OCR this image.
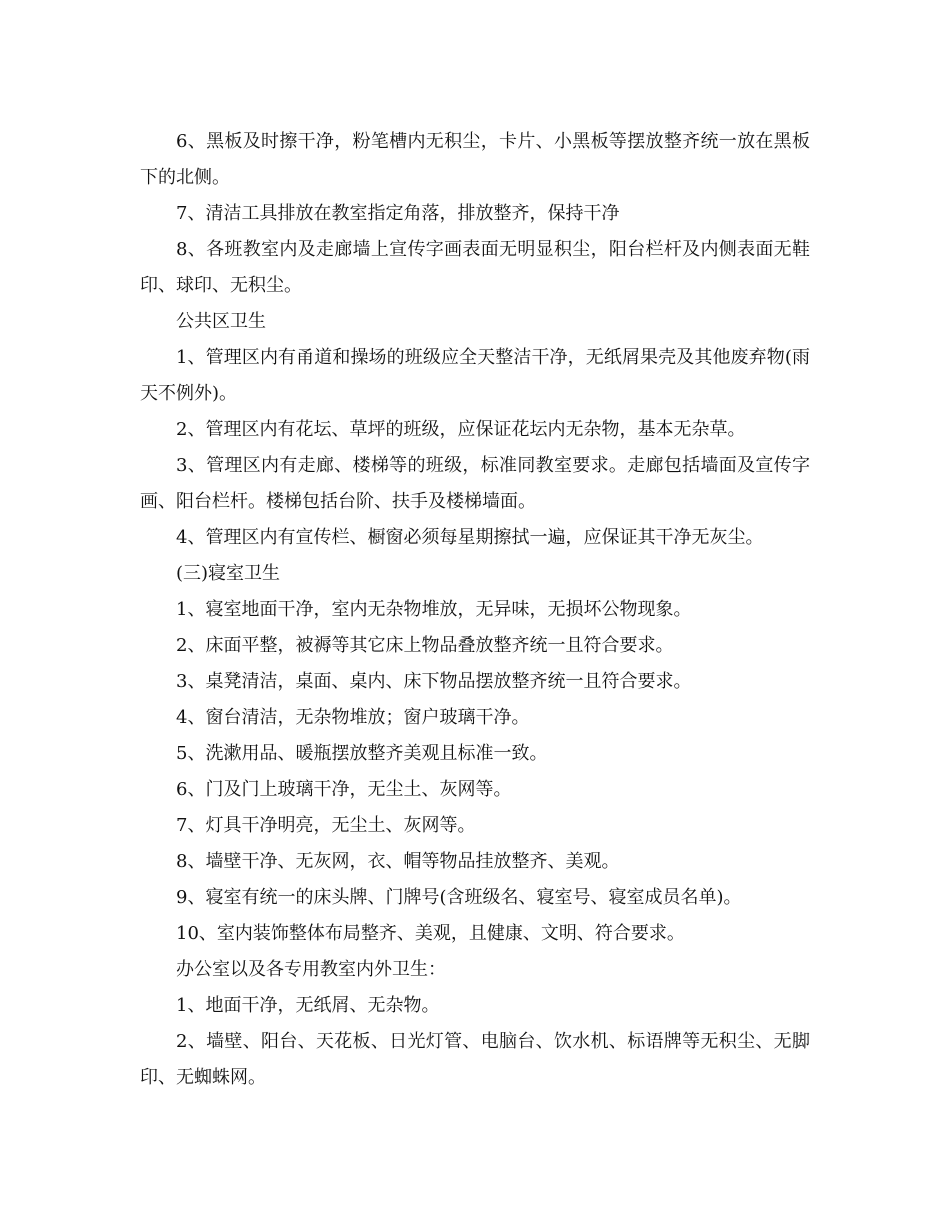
6、黑板及时擦干净，粉笔槽内无积尘，卡片、小黑板等摆放整齐统一放在黑板下的北侧。

7、清洁工具排放在教室指定角落，排放整齐，保持干净

8、各班教室内及走廊墙上宣传字画表面无明显积尘，阳台栏杆及内侧表面无鞋印、球印、无积尘。

公共区卫生

1、管理区内有甬道和操场的班级应全天整洁干净，无纸屑果壳及其他废弃物(雨天不例外)。

2、管理区内有花坛、草坪的班级，应保证花坛内无杂物，基本无杂草。

3、管理区内有走廊、楼梯等的班级，标准同教室要求。走廊包括墙面及宣传字画、阳台栏杆。楼梯包括台阶、扶手及楼梯墙面。

4、管理区内有宣传栏、橱窗必须每星期擦拭一遍，应保证其干净无灰尘。

(三)寝室卫生

1、寝室地面干净，室内无杂物堆放，无异味，无损坏公物现象。

2、床面平整，被褥等其它床上物品叠放整齐统一且符合要求。

3、桌凳清洁，桌面、桌内、床下物品摆放整齐统一且符合要求。

4、窗台清洁，无杂物堆放；窗户玻璃干净。

5、洗漱用品、暖瓶摆放整齐美观且标准一致。

6、门及门上玻璃干净，无尘土、灰网等。

7、灯具干净明亮，无尘土、灰网等。

8、墙壁干净、无灰网，衣、帽等物品挂放整齐、美观。

9、寝室有统一的床头牌、门牌号(含班级名、寝室号、寝室成员名单)。

10、室内装饰整体布局整齐、美观，且健康、文明、符合要求。

办公室以及各专用教室内外卫生：

1、地面干净，无纸屑、无杂物。

2、墙壁、阳台、天花板、日光灯管、电脑台、饮水机、标语牌等无积尘、无脚印、无蜘蛛网。
